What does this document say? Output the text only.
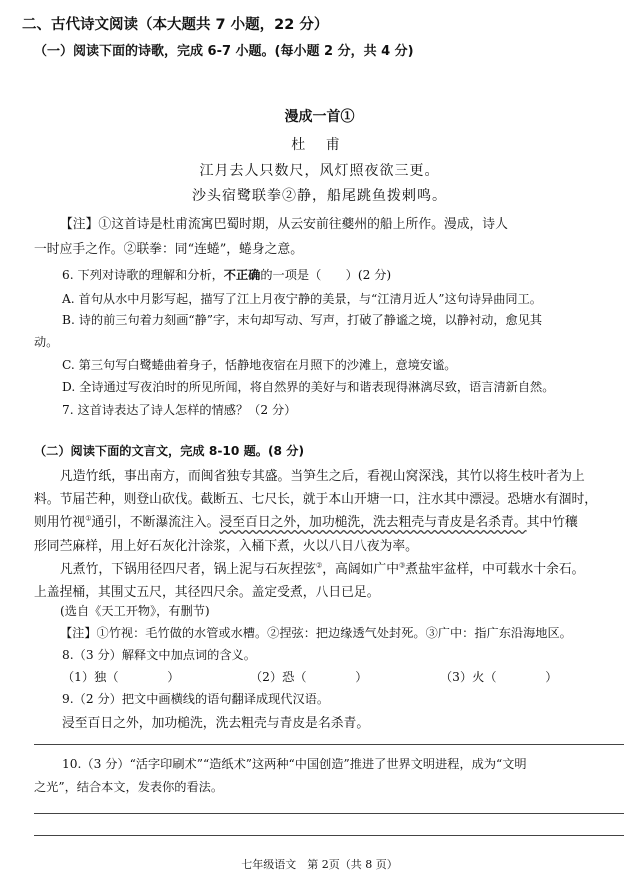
二、古代诗文阅读（本大题共 7 小题，22 分）
（一）阅读下面的诗歌，完成 6-7 小题。(每小题 2 分，共 4 分)
漫成一首①
杜 甫
江月去人只数尺，风灯照夜欲三更。
沙头宿鹭联拳②静，船尾跳鱼拨剌鸣。
【注】①这首诗是杜甫流寓巴蜀时期，从云安前往夔州的船上所作。漫成，诗人
一时应手之作。②联拳：同“连蜷”，蜷身之意。
6. 下列对诗歌的理解和分析，不正确的一项是（　　）(2 分)
A. 首句从水中月影写起，描写了江上月夜宁静的美景，与“江清月近人”这句诗异曲同工。
B. 诗的前三句着力刻画“静”字，末句却写动、写声，打破了静谧之境，以静衬动，愈见其
动。
C. 第三句写白鹭蜷曲着身子，恬静地夜宿在月照下的沙滩上，意境安谧。
D. 全诗通过写夜泊时的所见所闻，将自然界的美好与和谐表现得淋漓尽致，语言清新自然。
7. 这首诗表达了诗人怎样的情感？（2 分）
（二）阅读下面的文言文，完成 8-10 题。(8 分)
凡造竹纸，事出南方，而闽省独专其盛。当笋生之后，看视山窝深浅，其竹以将生枝叶者为上
料。节届芒种，则登山砍伐。截断五、七尺长，就于本山开塘一口，注水其中漂浸。恐塘水有涸时，
则用竹视①通引，不断瀑流注入。浸至百日之外，加功槌洗，洗去粗壳与青皮是名杀青。其中竹穰
形同苎麻样，用上好石灰化汁涂浆，入桶下煮，火以八日八夜为率。
凡煮竹，下锅用径四尺者，锅上泥与石灰捏弦②，高阔如广中③煮盐牢盆样，中可载水十余石。
上盖捏桶，其围丈五尺，其径四尺余。盖定受煮，八日已足。
(选自《天工开物》，有删节)
【注】①竹视：毛竹做的水管或水槽。②捏弦：把边缘透气处封死。③广中：指广东沿海地区。
8.（3 分）解释文中加点词的含义。
（1）独（　　　　）	（2）恐（　　　　）	（3）火（　　　　）
9.（2 分）把文中画横线的语句翻译成现代汉语。
浸至百日之外，加功槌洗，洗去粗壳与青皮是名杀青。
10.（3 分）“活字印刷术”“造纸术”这两种“中国创造”推进了世界文明进程，成为“文明
之光”，结合本文，发表你的看法。
七年级语文　第 2页（共 8 页）
